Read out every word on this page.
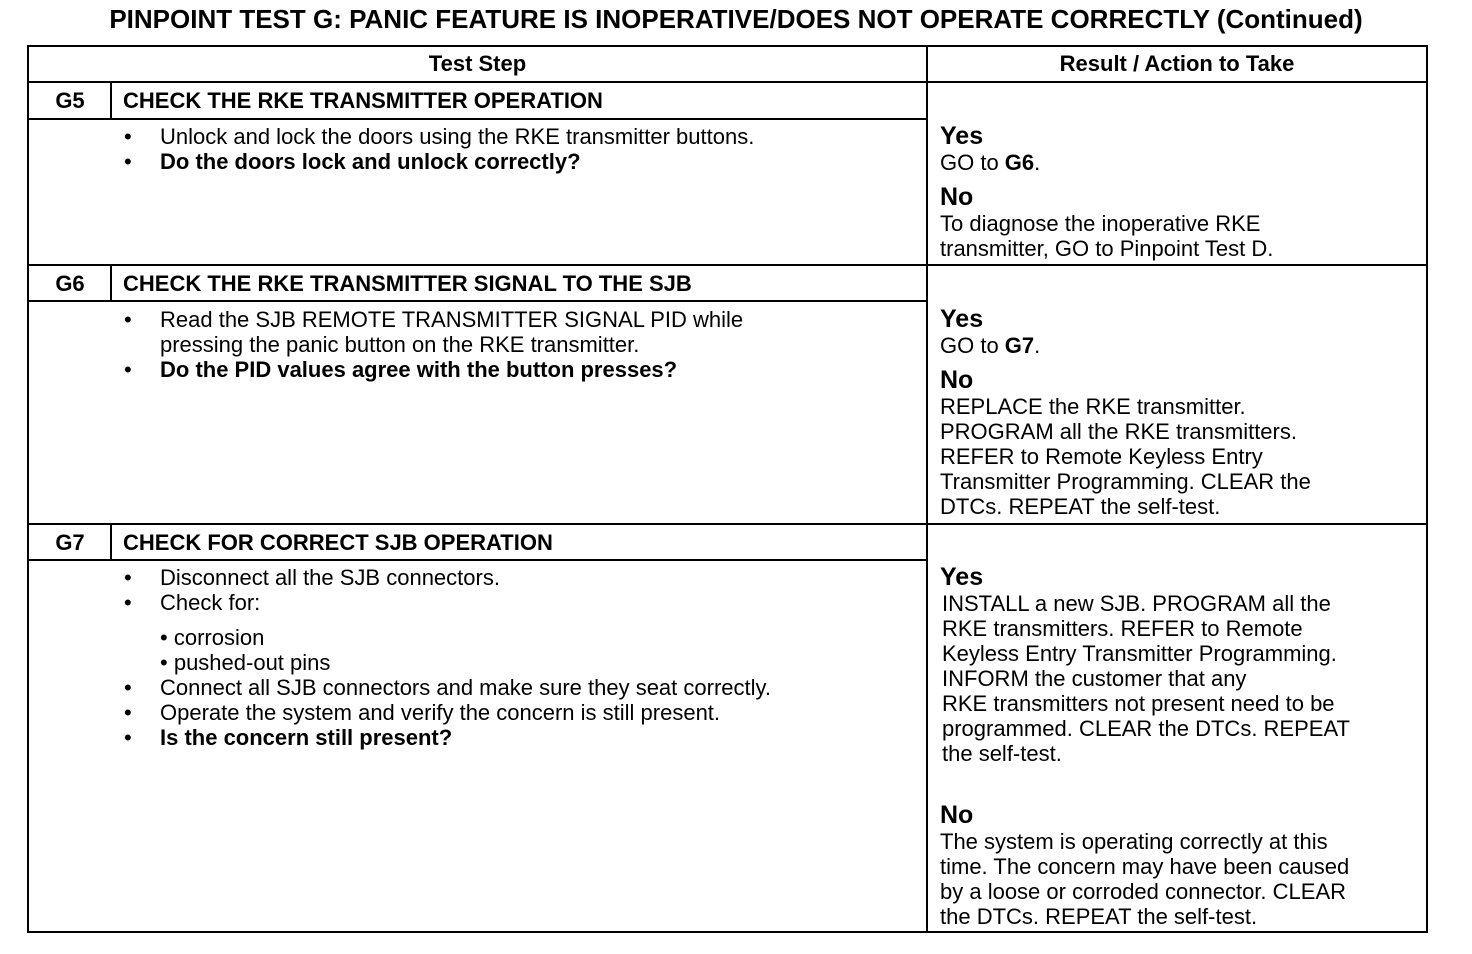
PINPOINT TEST G: PANIC FEATURE IS INOPERATIVE/DOES NOT OPERATE CORRECTLY (Continued)
Test Step	Result / Action to Take
G5	CHECK THE RKE TRANSMITTER OPERATION
• Unlock and lock the doors using the RKE transmitter buttons.
• Do the doors lock and unlock correctly?
Yes
GO to G6.
No
To diagnose the inoperative RKE
transmitter, GO to Pinpoint Test D.
G6	CHECK THE RKE TRANSMITTER SIGNAL TO THE SJB
• Read the SJB REMOTE TRANSMITTER SIGNAL PID while
pressing the panic button on the RKE transmitter.
• Do the PID values agree with the button presses?
Yes
GO to G7.
No
REPLACE the RKE transmitter.
PROGRAM all the RKE transmitters.
REFER to Remote Keyless Entry
Transmitter Programming. CLEAR the
DTCs. REPEAT the self-test.
G7	CHECK FOR CORRECT SJB OPERATION
• Disconnect all the SJB connectors.
• Check for:
• corrosion
• pushed-out pins
• Connect all SJB connectors and make sure they seat correctly.
• Operate the system and verify the concern is still present.
• Is the concern still present?
Yes
INSTALL a new SJB. PROGRAM all the
RKE transmitters. REFER to Remote
Keyless Entry Transmitter Programming.
INFORM the customer that any
RKE transmitters not present need to be
programmed. CLEAR the DTCs. REPEAT
the self-test.
No
The system is operating correctly at this
time. The concern may have been caused
by a loose or corroded connector. CLEAR
the DTCs. REPEAT the self-test.
